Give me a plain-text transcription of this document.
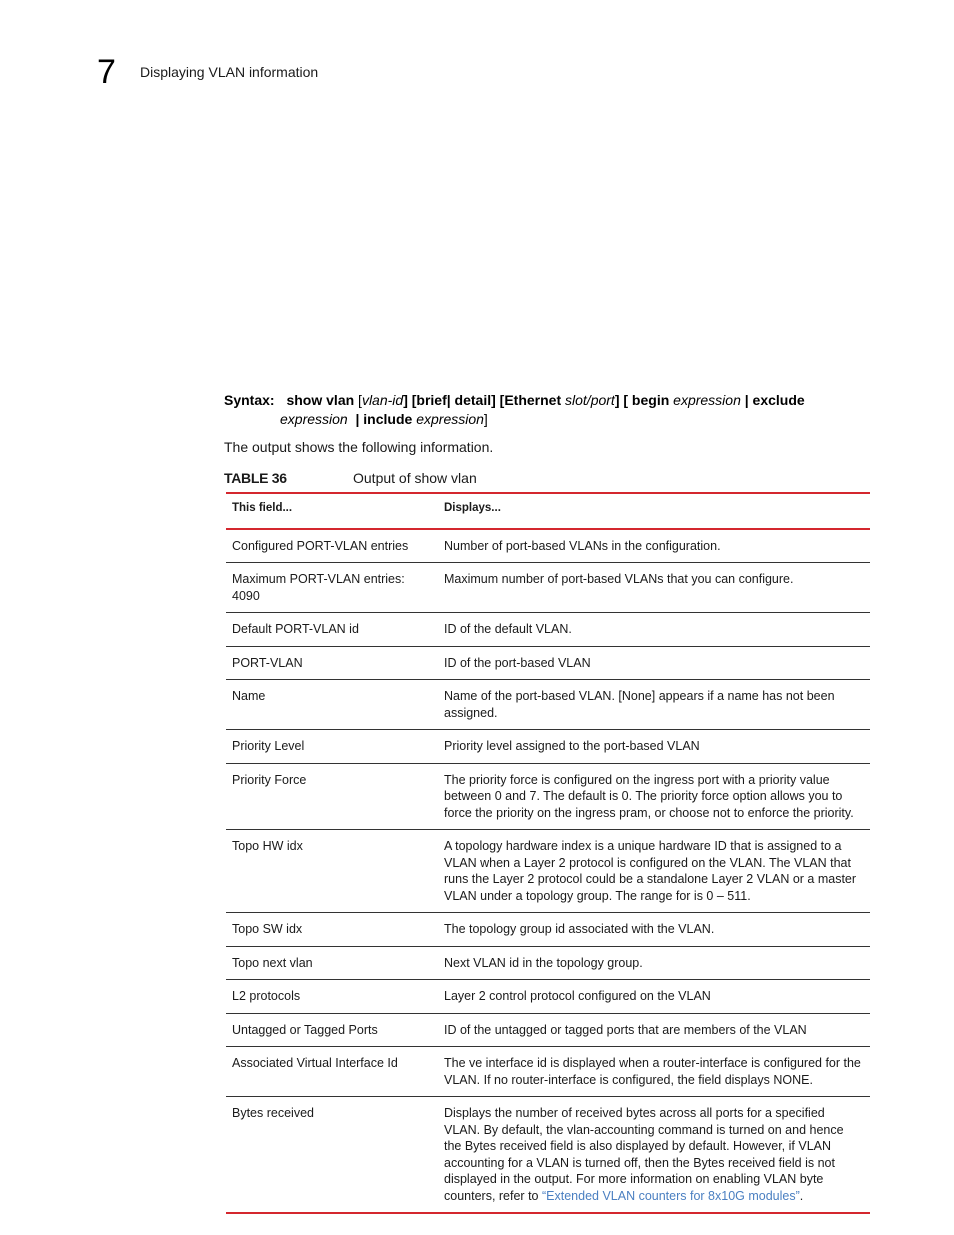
7 Displaying VLAN information
Syntax: show vlan [vlan-id] [brief| detail] [Ethernet slot/port] [ begin expression | exclude
expression | include expression]
The output shows the following information.
TABLE 36	Output of show vlan
This field...	Displays...
Configured PORT-VLAN entries	Number of port-based VLANs in the configuration.
Maximum PORT-VLAN entries: 4090	Maximum number of port-based VLANs that you can configure.
Default PORT-VLAN id	ID of the default VLAN.
PORT-VLAN	ID of the port-based VLAN
Name	Name of the port-based VLAN. [None] appears if a name has not been assigned.
Priority Level	Priority level assigned to the port-based VLAN
Priority Force	The priority force is configured on the ingress port with a priority value between 0 and 7. The default is 0. The priority force option allows you to force the priority on the ingress pram, or choose not to enforce the priority.
Topo HW idx	A topology hardware index is a unique hardware ID that is assigned to a VLAN when a Layer 2 protocol is configured on the VLAN. The VLAN that runs the Layer 2 protocol could be a standalone Layer 2 VLAN or a master VLAN under a topology group. The range for is 0 – 511.
Topo SW idx	The topology group id associated with the VLAN.
Topo next vlan	Next VLAN id in the topology group.
L2 protocols	Layer 2 control protocol configured on the VLAN
Untagged or Tagged Ports	ID of the untagged or tagged ports that are members of the VLAN
Associated Virtual Interface Id	The ve interface id is displayed when a router-interface is configured for the VLAN. If no router-interface is configured, the field displays NONE.
Bytes received	Displays the number of received bytes across all ports for a specified VLAN. By default, the vlan-accounting command is turned on and hence the Bytes received field is also displayed by default. However, if VLAN accounting for a VLAN is turned off, then the Bytes received field is not displayed in the output. For more information on enabling VLAN byte counters, refer to “Extended VLAN counters for 8x10G modules”.
